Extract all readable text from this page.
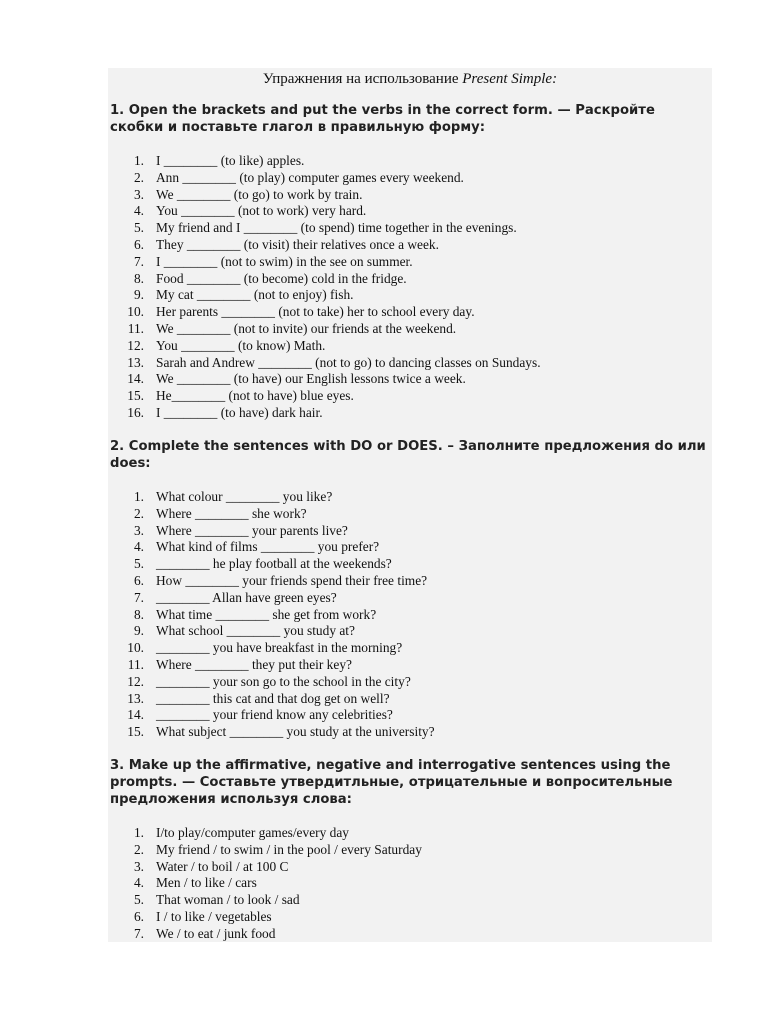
Упражнения на использование Present Simple:
1. Open the brackets and put the verbs in the correct form. — Раскройте скобки и поставьте глагол в правильную форму:
1. I ________ (to like) apples.
2. Ann ________ (to play) computer games every weekend.
3. We ________ (to go) to work by train.
4. You ________ (not to work) very hard.
5. My friend and I ________ (to spend) time together in the evenings.
6. They ________ (to visit) their relatives once a week.
7. I ________ (not to swim) in the see on summer.
8. Food ________ (to become) cold in the fridge.
9. My cat ________ (not to enjoy) fish.
10. Her parents ________ (not to take) her to school every day.
11. We ________ (not to invite) our friends at the weekend.
12. You ________ (to know) Math.
13. Sarah and Andrew ________ (not to go) to dancing classes on Sundays.
14. We ________ (to have) our English lessons twice a week.
15. He________ (not to have) blue eyes.
16. I ________ (to have) dark hair.
2. Complete the sentences with DO or DOES. – Заполните предложения do или does:
1. What colour ________ you like?
2. Where ________ she work?
3. Where ________ your parents live?
4. What kind of films ________ you prefer?
5. ________ he play football at the weekends?
6. How ________ your friends spend their free time?
7. ________ Allan have green eyes?
8. What time ________ she get from work?
9. What school ________ you study at?
10. ________ you have breakfast in the morning?
11. Where ________ they put their key?
12. ________ your son go to the school in the city?
13. ________ this cat and that dog get on well?
14. ________ your friend know any celebrities?
15. What subject ________ you study at the university?
3. Make up the affirmative, negative and interrogative sentences using the prompts. — Составьте утвердитльные, отрицательные и вопросительные предложения используя слова:
1. I/to play/computer games/every day
2. My friend / to swim / in the pool / every Saturday
3. Water / to boil / at 100 C
4. Men / to like / cars
5. That woman / to look / sad
6. I / to like / vegetables
7. We / to eat / junk food
